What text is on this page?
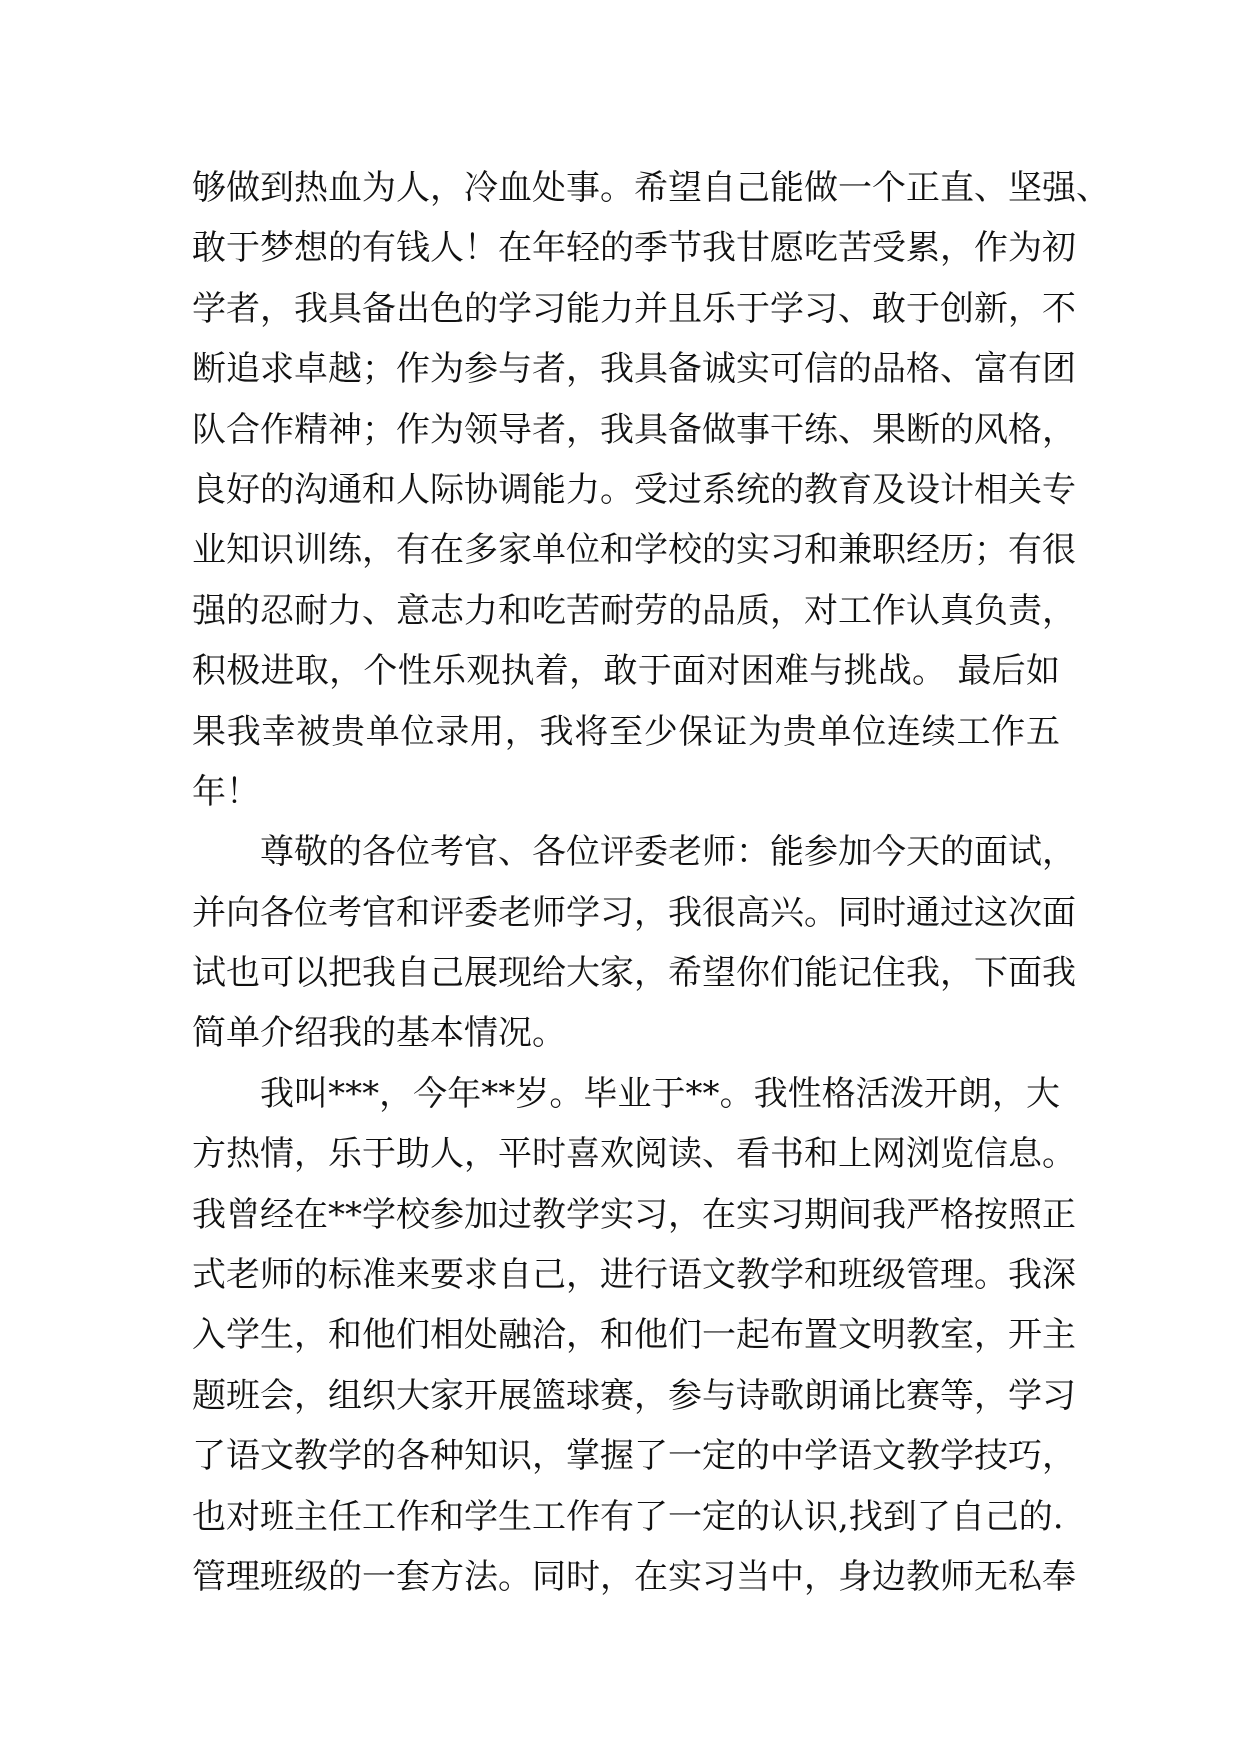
够做到热血为人，冷血处事。希望自己能做一个正直、坚强、
敢于梦想的有钱人！在年轻的季节我甘愿吃苦受累，作为初
学者，我具备出色的学习能力并且乐于学习、敢于创新，不
断追求卓越；作为参与者，我具备诚实可信的品格、富有团
队合作精神；作为领导者，我具备做事干练、果断的风格，
良好的沟通和人际协调能力。受过系统的教育及设计相关专
业知识训练，有在多家单位和学校的实习和兼职经历；有很
强的忍耐力、意志力和吃苦耐劳的品质，对工作认真负责，
积极进取，个性乐观执着，敢于面对困难与挑战。 最后如
果我幸被贵单位录用，我将至少保证为贵单位连续工作五
年！
尊敬的各位考官、各位评委老师：能参加今天的面试，
并向各位考官和评委老师学习，我很高兴。同时通过这次面
试也可以把我自己展现给大家，希望你们能记住我，下面我
简单介绍我的基本情况。
我叫***，今年**岁。毕业于**。我性格活泼开朗，大
方热情，乐于助人，平时喜欢阅读、看书和上网浏览信息。
我曾经在**学校参加过教学实习，在实习期间我严格按照正
式老师的标准来要求自己，进行语文教学和班级管理。我深
入学生，和他们相处融洽，和他们一起布置文明教室，开主
题班会，组织大家开展篮球赛，参与诗歌朗诵比赛等，学习
了语文教学的各种知识，掌握了一定的中学语文教学技巧，
也对班主任工作和学生工作有了一定的认识,找到了自己的.
管理班级的一套方法。同时，在实习当中，身边教师无私奉
